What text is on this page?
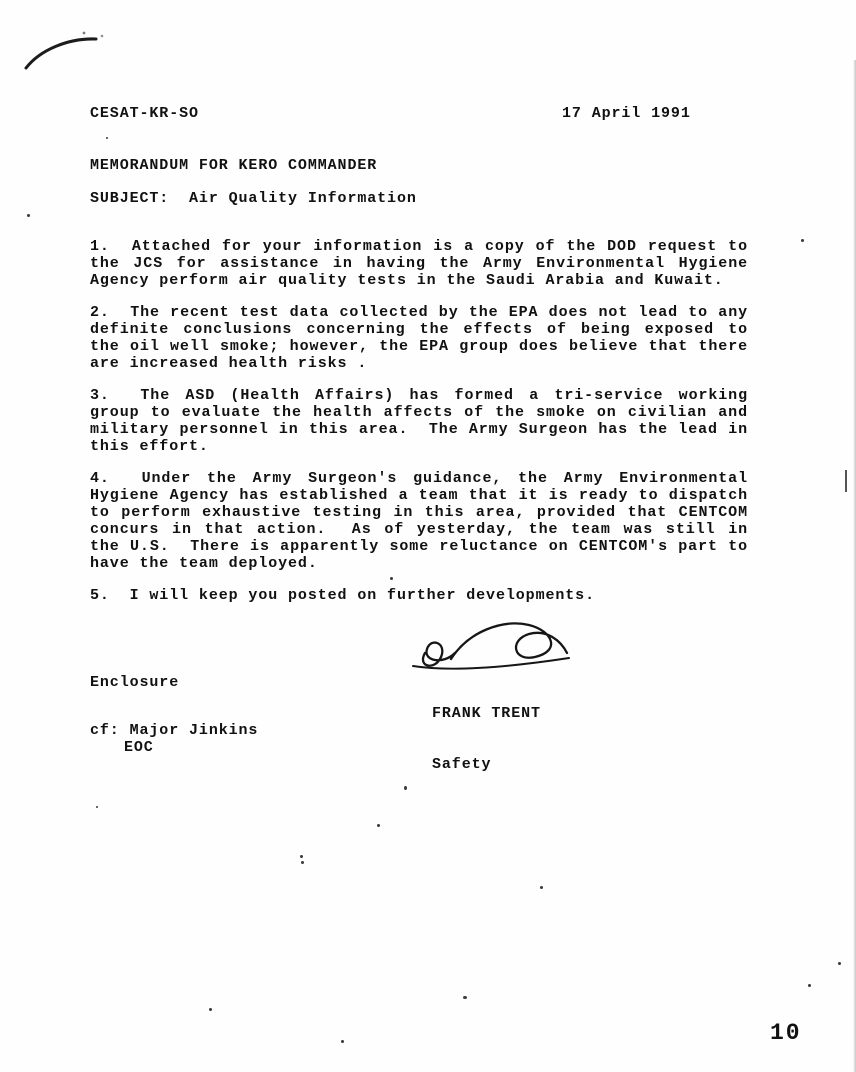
CESAT-KR-SO	17 April 1991
MEMORANDUM FOR KERO COMMANDER
SUBJECT:  Air Quality Information

1.  Attached for your information is a copy of the DOD request to the JCS for assistance in having the Army Environmental Hygiene Agency perform air quality tests in the Saudi Arabia and Kuwait.

2.  The recent test data collected by the EPA does not lead to any definite conclusions concerning the effects of being exposed to the oil well smoke; however, the EPA group does believe that there are increased health risks .

3.  The ASD (Health Affairs) has formed a tri-service working group to evaluate the health affects of the smoke on civilian and military personnel in this area.  The Army Surgeon has the lead in this effort.

4.  Under the Army Surgeon's guidance, the Army Environmental Hygiene Agency has established a team that it is ready to dispatch to perform exhaustive testing in this area, provided that CENTCOM concurs in that action.  As of yesterday, the team was still in the U.S.  There is apparently some reluctance on CENTCOM's part to have the team deployed.

5.  I will keep you posted on further developments.

Enclosure

FRANK TRENT

Safety

cf: Major Jinkins
EOC
10
